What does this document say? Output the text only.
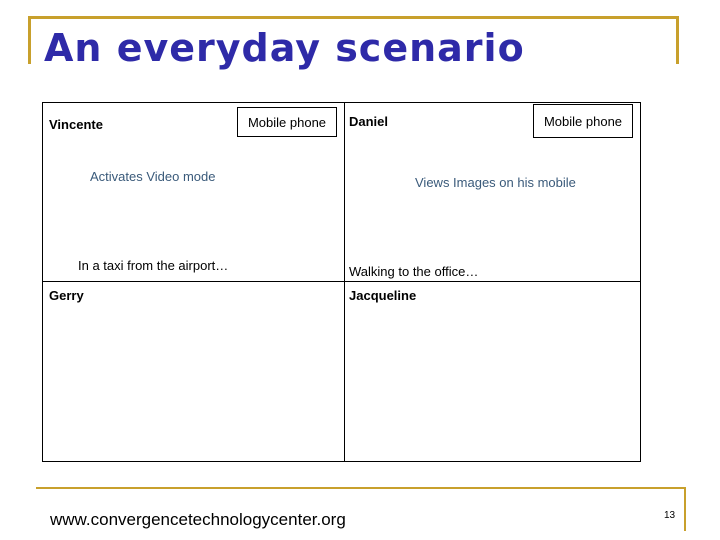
An everyday scenario
Vincente	Mobile phone
Activates Video mode
In a taxi from the airport…
Daniel	Mobile phone
Views Images on his mobile
Walking to the office…
Gerry	Jacqueline
www.convergencetechnologycenter.org	13
